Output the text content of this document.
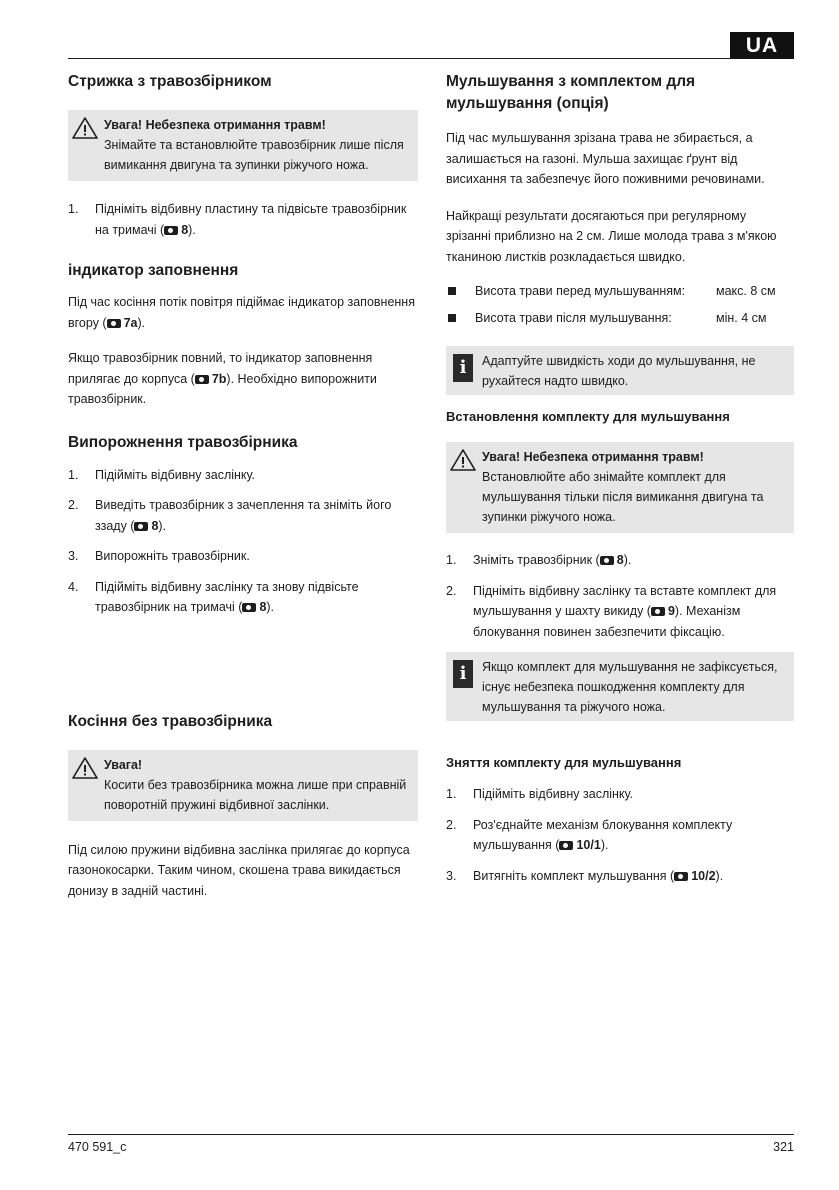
UA
Стрижка з травозбірником
Увага! Небезпека отримання травм!
Знімайте та встановлюйте травозбірник лише після вимикання двигуна та зупинки ріжучого ножа.
1.	Підніміть відбивну пластину та підвісьте травозбірник на тримачі ( 8).
індикатор заповнення

Під час косіння потік повітря підіймає індикатор заповнення вгору ( 7a).

Якщо травозбірник повний, то індикатор заповнення прилягає до корпуса ( 7b). Необхідно випорожнити травозбірник.

Випорожнення травозбірника
1.	Підійміть відбивну заслінку.
2.	Виведіть травозбірник з зачеплення та зніміть його ззаду ( 8).
3.	Випорожніть травозбірник.
4.	Підійміть відбивну заслінку та знову підвісьте травозбірник на тримачі ( 8).
Косіння без травозбірника
Увага!
Косити без травозбірника можна лише при справній поворотній пружині відбивної заслінки.

Під силою пружини відбивна заслінка прилягає до корпуса газонокосарки. Таким чином, скошена трава викидається донизу в задній частині.

Мульшування з комплектом для мульшування (опція)

Під час мульшування зрізана трава не збирається, а залишається на газоні. Мульша захищає ґрунт від висихання та забезпечує його поживними речовинами.

Найкращі результати досягаються при регулярному зрізанні приблизно на 2 см. Лише молода трава з м'якою тканиною листків розкладається швидко.

Висота трави перед мульшуванням:	макс. 8 см
Висота трави після мульшування:	мін. 4 см
i	Адаптуйте швидкість ходи до мульшування, не рухайтеся надто швидко.
Встановлення комплекту для мульшування
Увага! Небезпека отримання травм!
Встановлюйте або знімайте комплект для мульшування тільки після вимикання двигуна та зупинки ріжучого ножа.
1.	Зніміть травозбірник ( 8).
2.	Підніміть відбивну заслінку та вставте комплект для мульшування у шахту викиду ( 9). Механізм блокування повинен забезпечити фіксацію.
i	Якщо комплект для мульшування не зафіксується, існує небезпека пошкодження комплекту для мульшування та ріжучого ножа.
Зняття комплекту для мульшування
1.	Підійміть відбивну заслінку.
2.	Роз'єднайте механізм блокування комплекту мульшування ( 10/1).
3.	Витягніть комплект мульшування ( 10/2).
470 591_c	321
